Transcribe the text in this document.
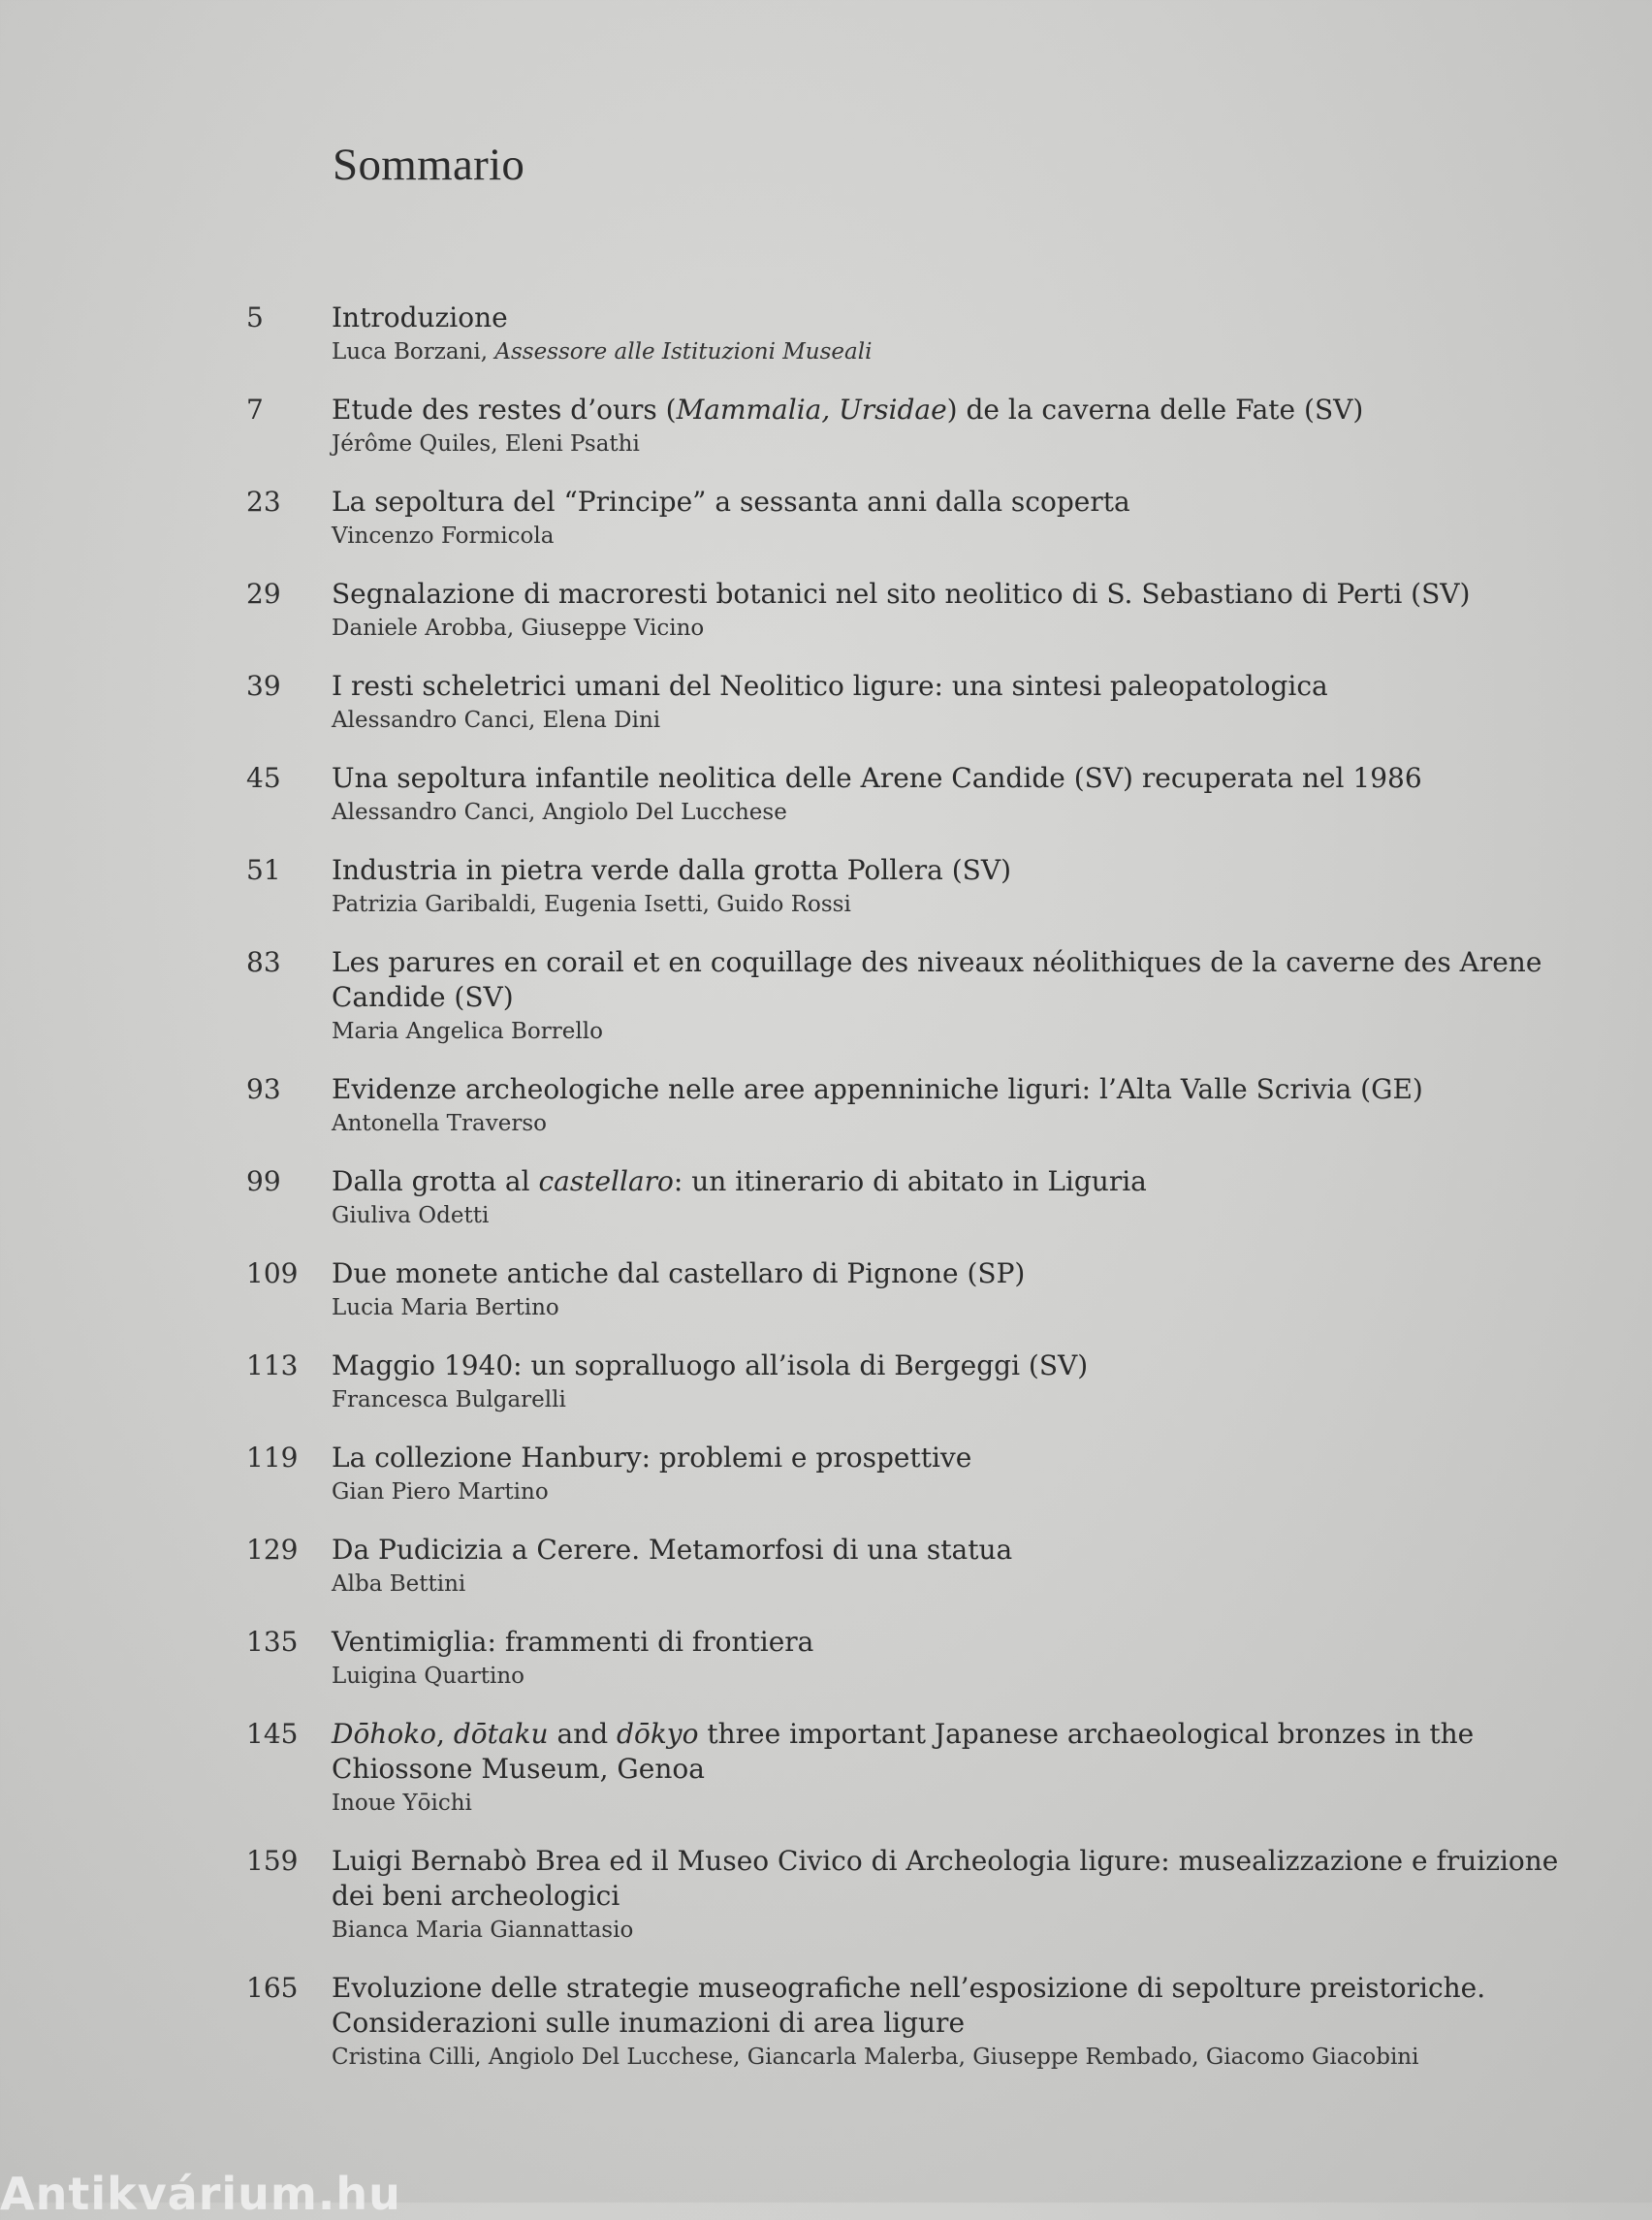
Sommario
5	Introduzione
Luca Borzani, Assessore alle Istituzioni Museali
7	Etude des restes d’ours (Mammalia, Ursidae) de la caverna delle Fate (SV)
Jérôme Quiles, Eleni Psathi
23 La sepoltura del “Principe” a sessanta anni dalla scoperta
Vincenzo Formicola
29 Segnalazione di macroresti botanici nel sito neolitico di S. Sebastiano di Perti (SV)
Daniele Arobba, Giuseppe Vicino
39 I resti scheletrici umani del Neolitico ligure: una sintesi paleopatologica
Alessandro Canci, Elena Dini
45 Una sepoltura infantile neolitica delle Arene Candide (SV) recuperata nel 1986
Alessandro Canci, Angiolo Del Lucchese
51 Industria in pietra verde dalla grotta Pollera (SV)
Patrizia Garibaldi, Eugenia Isetti, Guido Rossi
83 Les parures en corail et en coquillage des niveaux néolithiques de la caverne des Arene Candide (SV)
Maria Angelica Borrello
93 Evidenze archeologiche nelle aree appenniniche liguri: l’Alta Valle Scrivia (GE)
Antonella Traverso
99 Dalla grotta al castellaro: un itinerario di abitato in Liguria
Giuliva Odetti
109 Due monete antiche dal castellaro di Pignone (SP)
Lucia Maria Bertino
113 Maggio 1940: un sopralluogo all’isola di Bergeggi (SV)
Francesca Bulgarelli
119 La collezione Hanbury: problemi e prospettive
Gian Piero Martino
129 Da Pudicizia a Cerere. Metamorfosi di una statua
Alba Bettini
135 Ventimiglia: frammenti di frontiera
Luigina Quartino
145 Dōhoko, dōtaku and dōkyo three important Japanese archaeological bronzes in the Chiossone Museum, Genoa
Inoue Yōichi
159 Luigi Bernabò Brea ed il Museo Civico di Archeologia ligure: musealizzazione e fruizione dei beni archeologici
Bianca Maria Giannattasio
165 Evoluzione delle strategie museografiche nell’esposizione di sepolture preistoriche. Considerazioni sulle inumazioni di area ligure
Cristina Cilli, Angiolo Del Lucchese, Giancarla Malerba, Giuseppe Rembado, Giacomo Giacobini
Antikvárium.hu
